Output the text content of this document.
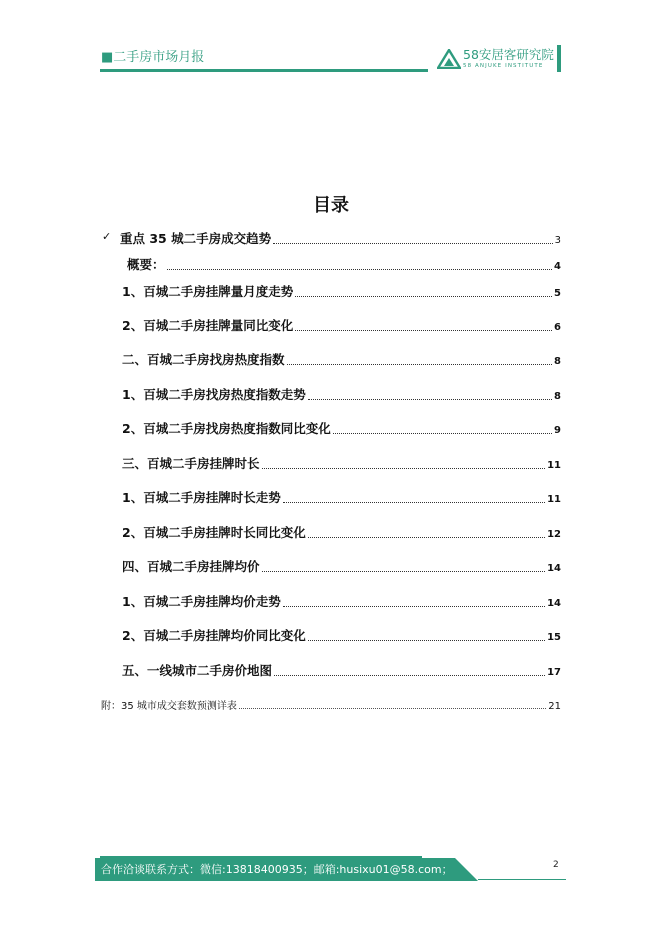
■二手房市场月报	58安居客研究院
58 ANJUKE INSTITUTE
目录
✓ 重点 35 城二手房成交趋势	3
概要：	4
1、百城二手房挂牌量月度走势	5
2、百城二手房挂牌量同比变化	6
二、百城二手房找房热度指数	8
1、百城二手房找房热度指数走势	8
2、百城二手房找房热度指数同比变化	9
三、百城二手房挂牌时长	11
1、百城二手房挂牌时长走势	11
2、百城二手房挂牌时长同比变化	12
四、百城二手房挂牌均价	14
1、百城二手房挂牌均价走势	14
2、百城二手房挂牌均价同比变化	15
五、一线城市二手房价地图	17
附：35 城市成交套数预测详表	21
合作洽谈联系方式：微信:13818400935；邮箱:husixu01@58.com；	2
